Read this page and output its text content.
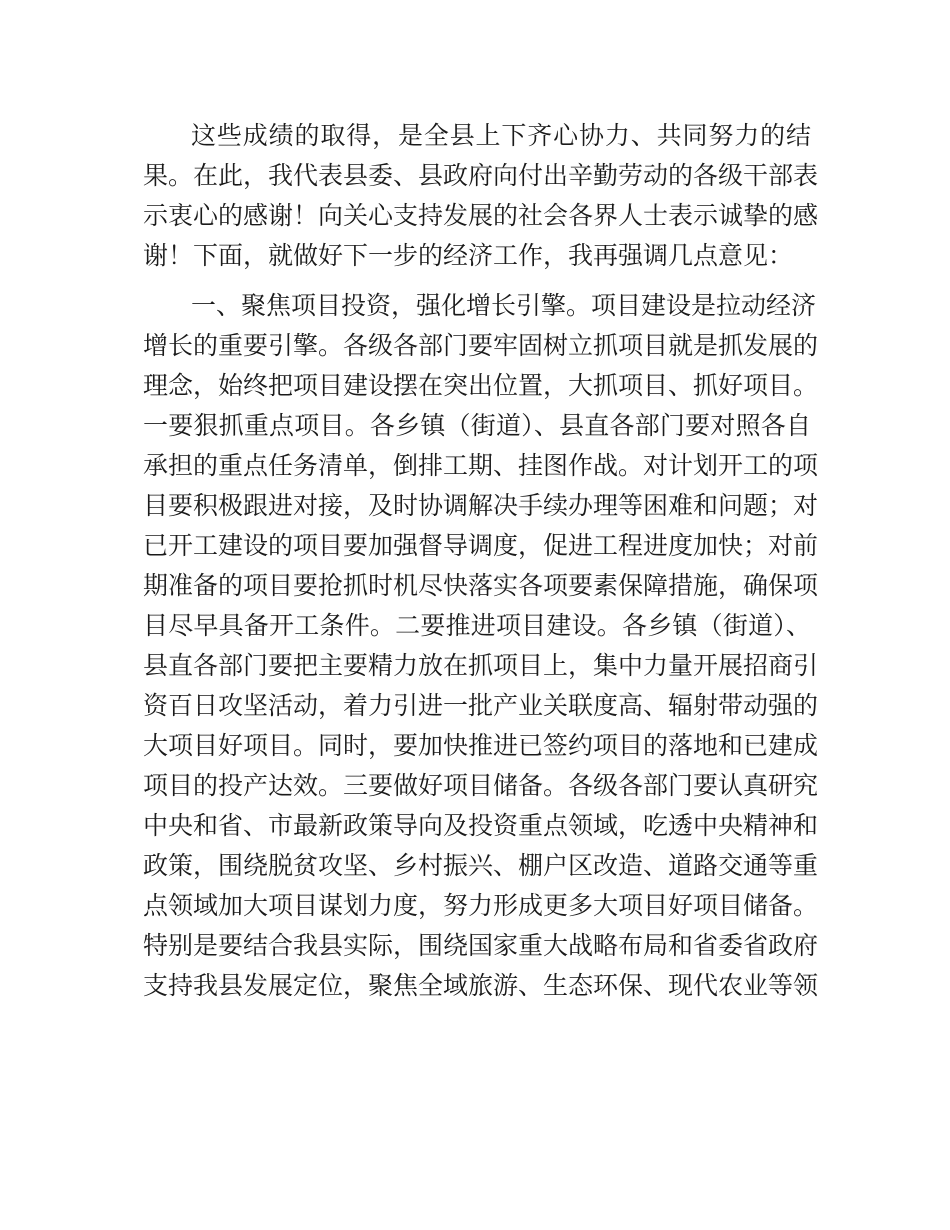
这些成绩的取得，是全县上下齐心协力、共同努力的结
果。在此，我代表县委、县政府向付出辛勤劳动的各级干部表
示衷心的感谢！向关心支持发展的社会各界人士表示诚挚的感
谢！下面，就做好下一步的经济工作，我再强调几点意见：
一、聚焦项目投资，强化增长引擎。项目建设是拉动经济
增长的重要引擎。各级各部门要牢固树立抓项目就是抓发展的
理念，始终把项目建设摆在突出位置，大抓项目、抓好项目。
一要狠抓重点项目。各乡镇（街道）、县直各部门要对照各自
承担的重点任务清单，倒排工期、挂图作战。对计划开工的项
目要积极跟进对接，及时协调解决手续办理等困难和问题；对
已开工建设的项目要加强督导调度，促进工程进度加快；对前
期准备的项目要抢抓时机尽快落实各项要素保障措施，确保项
目尽早具备开工条件。二要推进项目建设。各乡镇（街道）、
县直各部门要把主要精力放在抓项目上，集中力量开展招商引
资百日攻坚活动，着力引进一批产业关联度高、辐射带动强的
大项目好项目。同时，要加快推进已签约项目的落地和已建成
项目的投产达效。三要做好项目储备。各级各部门要认真研究
中央和省、市最新政策导向及投资重点领域，吃透中央精神和
政策，围绕脱贫攻坚、乡村振兴、棚户区改造、道路交通等重
点领域加大项目谋划力度，努力形成更多大项目好项目储备。
特别是要结合我县实际，围绕国家重大战略布局和省委省政府
支持我县发展定位，聚焦全域旅游、生态环保、现代农业等领
